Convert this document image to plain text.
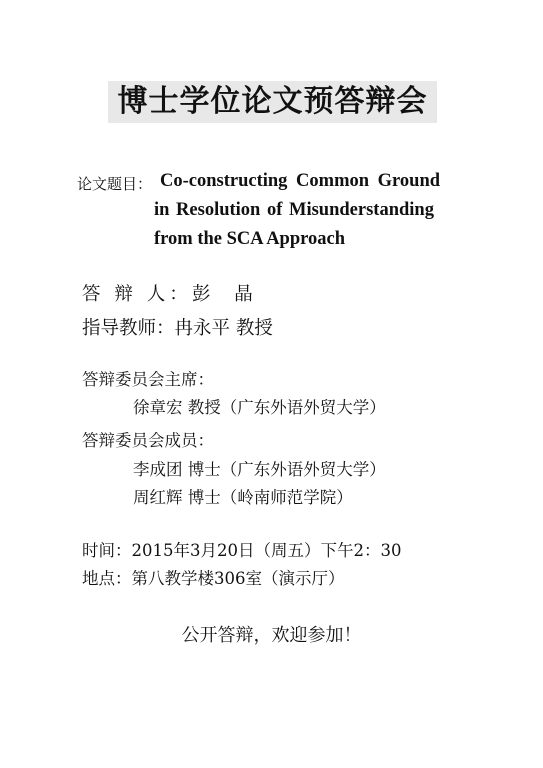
博士学位论文预答辩会
论文题目： Co-constructing Common Ground
in Resolution of Misunderstanding
from the SCA Approach
答 辩 人： 彭  晶
指导教师：冉永平 教授
答辩委员会主席：
徐章宏 教授（广东外语外贸大学）
答辩委员会成员：
李成团 博士（广东外语外贸大学）
周红辉 博士（岭南师范学院）
时间：2015年3月20日（周五）下午2：30
地点：第八教学楼306室（演示厅）
公开答辩，欢迎参加！
